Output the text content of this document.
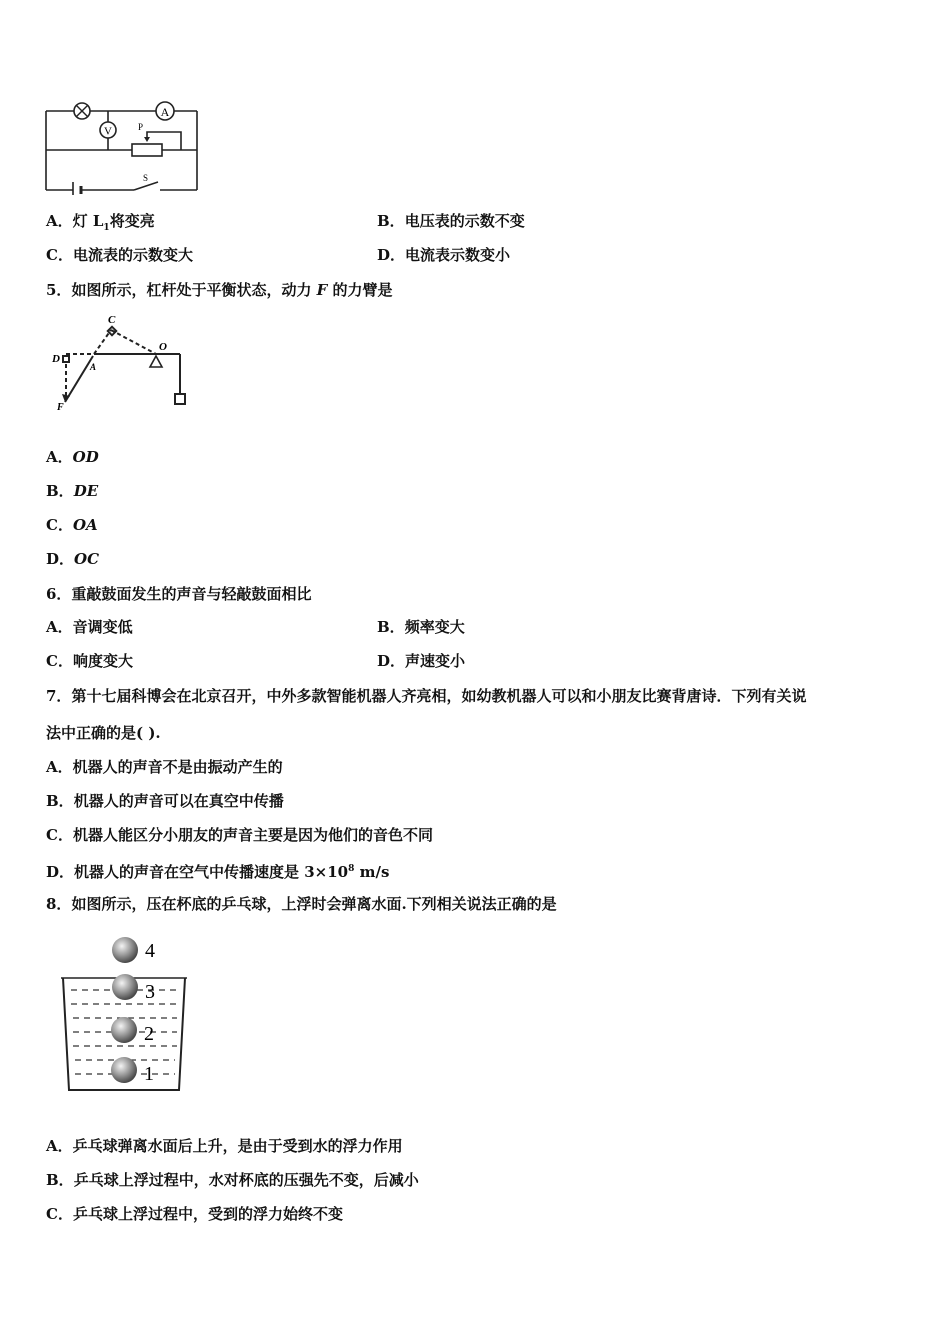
A
V	P
S
A．灯 $L_1$将变亮	B．电压表的示数不变
C．电流表的示数变大	D．电流表示数变小
5．如图所示，杠杆处于平衡状态，动力 F 的力臂是
C
D
A
O
F
A．OD
B．DE
C．OA
D．OC
6．重敲鼓面发生的声音与轻敲鼓面相比
A．音调变低	B．频率变大
C．响度变大	D．声速变小
7．第十七届科博会在北京召开，中外多款智能机器人齐亮相，如幼教机器人可以和小朋友比赛背唐诗．下列有关说
法中正确的是( ).
A．机器人的声音不是由振动产生的
B．机器人的声音可以在真空中传播
C．机器人能区分小朋友的声音主要是因为他们的音色不同
D．机器人的声音在空气中传播速度是 $3\times 10^8$ m/s
8．如图所示，压在杯底的乒乓球，上浮时会弹离水面.下列相关说法正确的是
4
3
2
1
A．乒乓球弹离水面后上升，是由于受到水的浮力作用
B．乒乓球上浮过程中，水对杯底的压强先不变，后减小
C．乒乓球上浮过程中，受到的浮力始终不变
